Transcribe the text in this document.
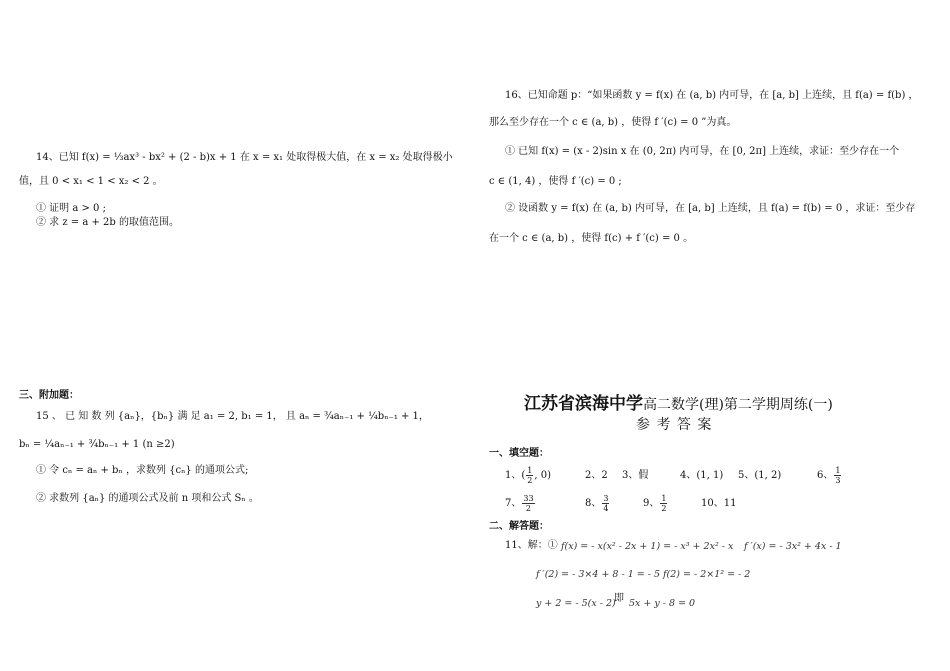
14、已知 f(x) = ⅓ax³ - bx² + (2 - b)x + 1 在 x = x₁ 处取得极大值，在 x = x₂ 处取得极小
值，且 0 < x₁ < 1 < x₂ < 2 。
① 证明 a > 0 ;
② 求 z = a + 2b 的取值范围。
三、附加题：
15 、 已 知 数 列 {aₙ}，{bₙ} 满 足 a₁ = 2, b₁ = 1， 且 aₙ = ¾aₙ₋₁ + ¼bₙ₋₁ + 1，
bₙ = ¼aₙ₋₁ + ¾bₙ₋₁ + 1 (n ≥2)
① 令 cₙ = aₙ + bₙ ，求数列 {cₙ} 的通项公式;
② 求数列 {aₙ} 的通项公式及前 n 项和公式 Sₙ 。
16、已知命题 p：“如果函数 y = f(x) 在 (a, b) 内可导，在 [a, b] 上连续，且 f(a) = f(b) ，
那么至少存在一个 c ∈ (a, b) ，使得 f ′(c) = 0 ”为真。
① 已知 f(x) = (x - 2)sin x 在 (0, 2π) 内可导，在 [0, 2π] 上连续，求证：至少存在一个
c ∈ (1, 4) ，使得 f ′(c) = 0 ;
② 设函数 y = f(x) 在 (a, b) 内可导，在 [a, b] 上连续，且 f(a) = f(b) = 0 ，求证：至少存
在一个 c ∈ (a, b) ，使得 f(c) + f ′(c) = 0 。
江苏省滨海中学高二数学(理)第二学期周练(一)
参 考 答 案
一、填空题：
1、( $\frac{1}{2}$ , 0)	2、2 3、假	4、(1, 1) 5、(1, 2)	6、 $\frac{1}{3}$
7、 $\frac{33}{2}$	8、 $\frac{3}{4}$	9、 $\frac{1}{2}$	10、11
二、解答题：
11、解：① f(x) = - x(x² - 2x + 1) = - x³ + 2x² - x f ′(x) = - 3x² + 4x - 1
f ′(2) = - 3×4 + 8 - 1 = - 5 f(2) = - 2×1² = - 2
y + 2 = - 5(x - 2)
即 5x + y - 8 = 0
